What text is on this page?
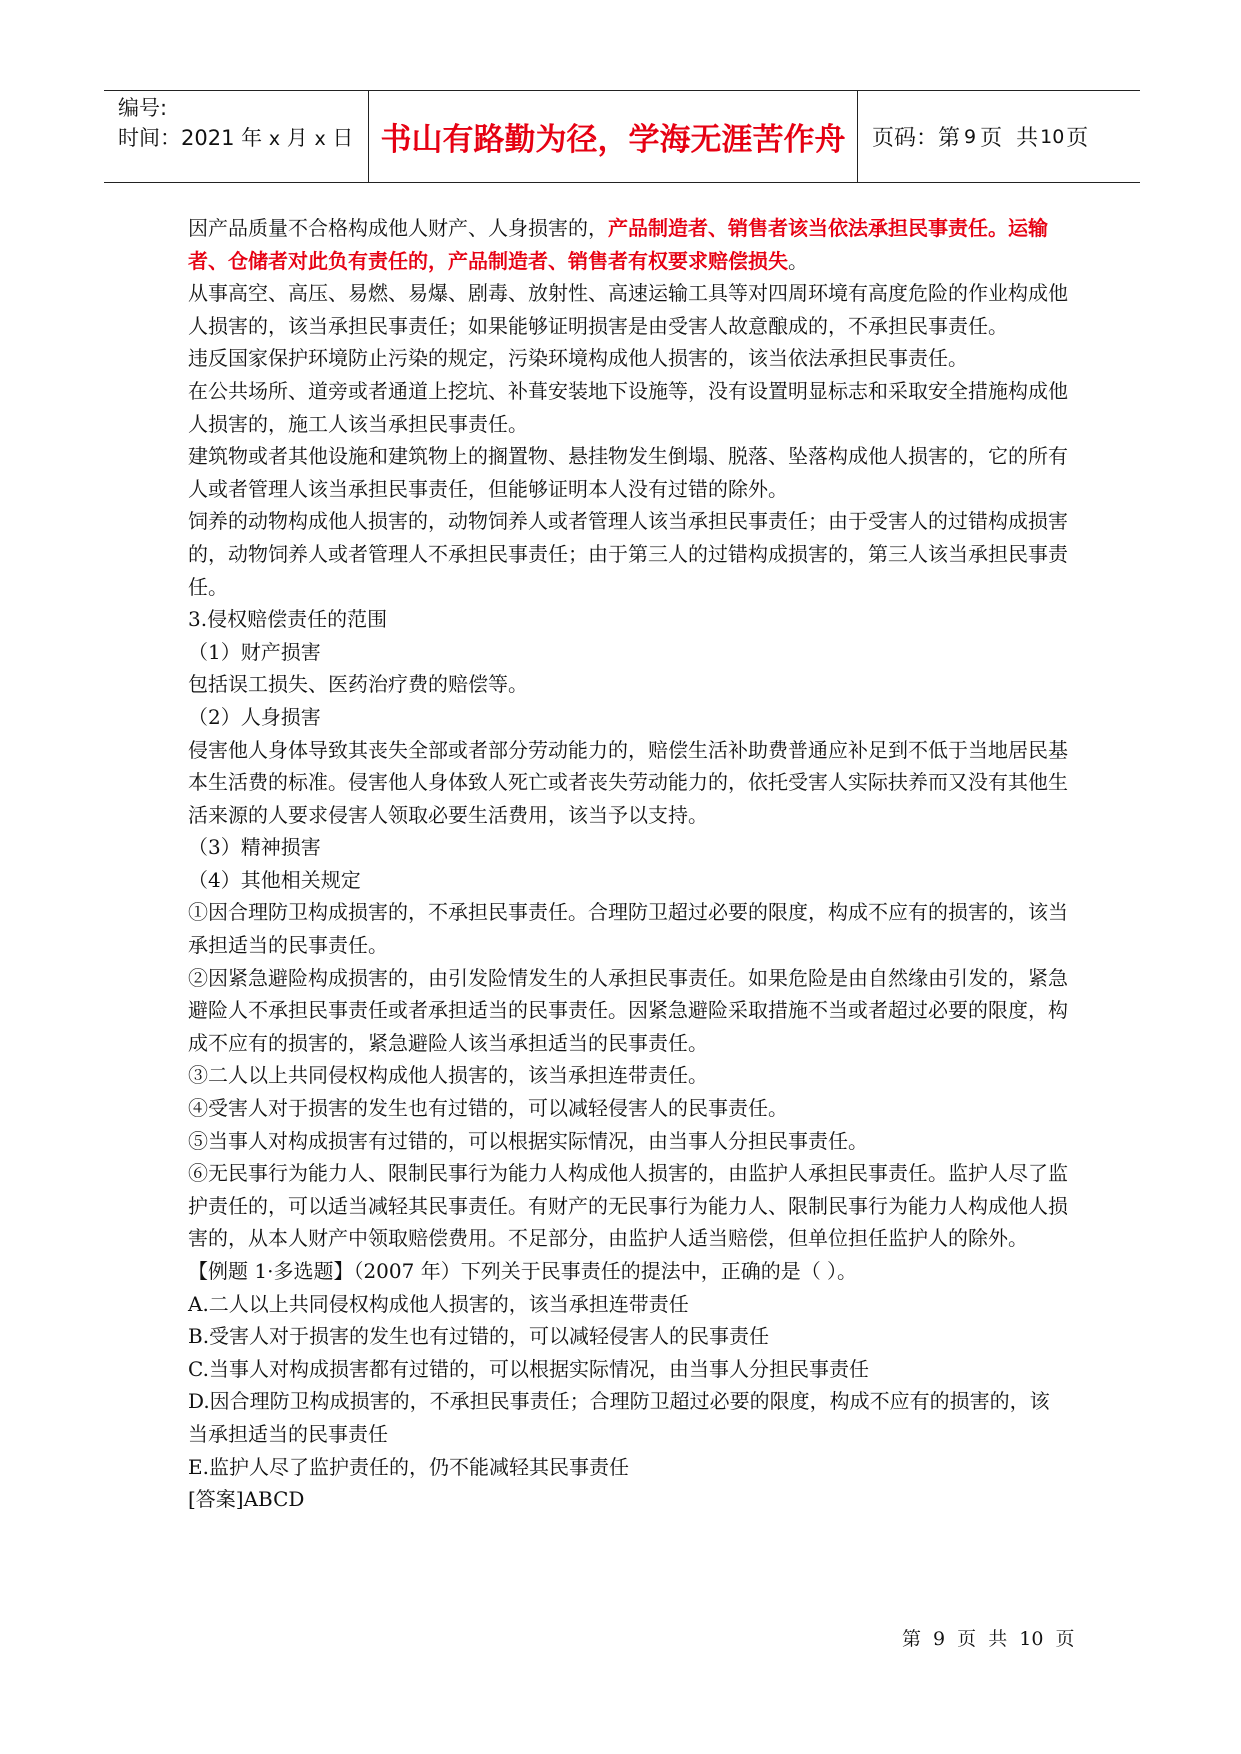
编号:
时间：2021 年 x 月 x 日 书山有路勤为径，学海无涯苦作舟	页码：第 9 页  共 10 页

因产品质量不合格构成他人财产、人身损害的，产品制造者、销售者该当依法承担民事责任。运输者、仓储者对此负有责任的，产品制造者、销售者有权要求赔偿损失。

从事高空、高压、易燃、易爆、剧毒、放射性、高速运输工具等对四周环境有高度危险的作业构成他人损害的，该当承担民事责任；如果能够证明损害是由受害人故意酿成的，不承担民事责任。

违反国家保护环境防止污染的规定，污染环境构成他人损害的，该当依法承担民事责任。

在公共场所、道旁或者通道上挖坑、补葺安装地下设施等，没有设置明显标志和采取安全措施构成他人损害的，施工人该当承担民事责任。

建筑物或者其他设施和建筑物上的搁置物、悬挂物发生倒塌、脱落、坠落构成他人损害的，它的所有人或者管理人该当承担民事责任，但能够证明本人没有过错的除外。

饲养的动物构成他人损害的，动物饲养人或者管理人该当承担民事责任；由于受害人的过错构成损害的，动物饲养人或者管理人不承担民事责任；由于第三人的过错构成损害的，第三人该当承担民事责任。

3.侵权赔偿责任的范围

（1）财产损害

包括误工损失、医药治疗费的赔偿等。

（2）人身损害

侵害他人身体导致其丧失全部或者部分劳动能力的，赔偿生活补助费普通应补足到不低于当地居民基本生活费的标准。侵害他人身体致人死亡或者丧失劳动能力的，依托受害人实际扶养而又没有其他生活来源的人要求侵害人领取必要生活费用，该当予以支持。

（3）精神损害

（4）其他相关规定

①因合理防卫构成损害的，不承担民事责任。合理防卫超过必要的限度，构成不应有的损害的，该当承担适当的民事责任。

②因紧急避险构成损害的，由引发险情发生的人承担民事责任。如果危险是由自然缘由引发的，紧急避险人不承担民事责任或者承担适当的民事责任。因紧急避险采取措施不当或者超过必要的限度，构成不应有的损害的，紧急避险人该当承担适当的民事责任。

③二人以上共同侵权构成他人损害的，该当承担连带责任。

④受害人对于损害的发生也有过错的，可以减轻侵害人的民事责任。

⑤当事人对构成损害有过错的，可以根据实际情况，由当事人分担民事责任。

⑥无民事行为能力人、限制民事行为能力人构成他人损害的，由监护人承担民事责任。监护人尽了监护责任的，可以适当减轻其民事责任。有财产的无民事行为能力人、限制民事行为能力人构成他人损害的，从本人财产中领取赔偿费用。不足部分，由监护人适当赔偿，但单位担任监护人的除外。

【例题 1·多选题】（2007 年）下列关于民事责任的提法中，正确的是（ ）。

A.二人以上共同侵权构成他人损害的，该当承担连带责任

B.受害人对于损害的发生也有过错的，可以减轻侵害人的民事责任

C.当事人对构成损害都有过错的，可以根据实际情况，由当事人分担民事责任

D.因合理防卫构成损害的，不承担民事责任；合理防卫超过必要的限度，构成不应有的损害的，该当承担适当的民事责任

E.监护人尽了监护责任的，仍不能减轻其民事责任

[答案]ABCD

第 9 页 共 10 页
